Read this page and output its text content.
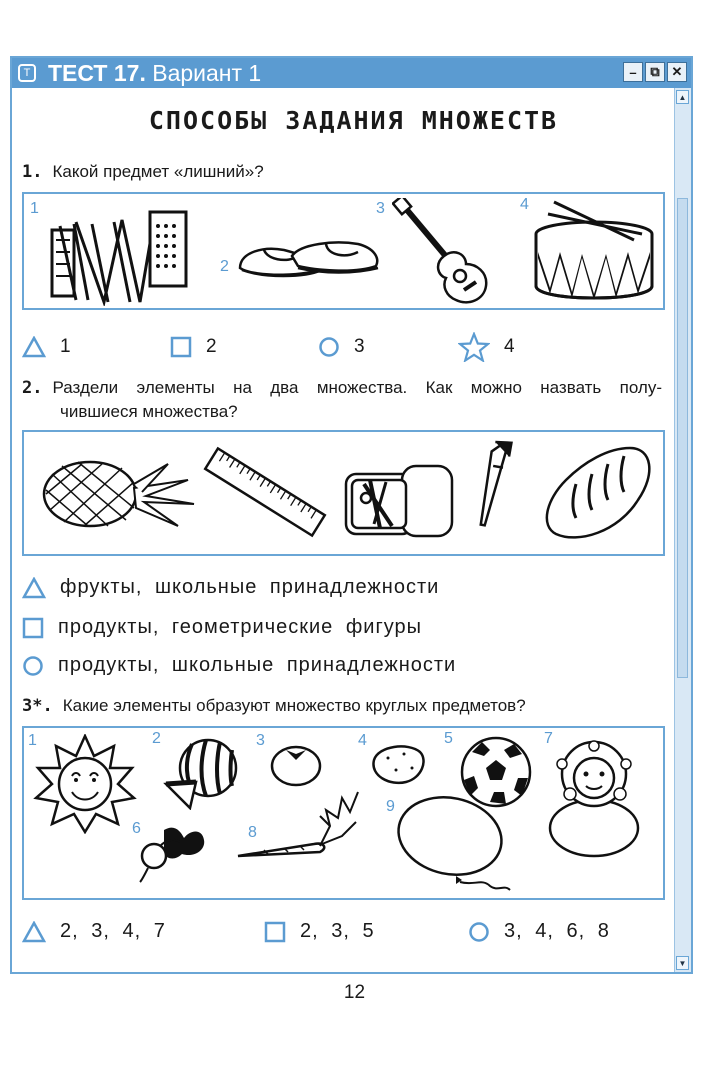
Т ТЕСТ 17. Вариант 1	–	⧉ ✕
▲
▼
СПОСОБЫ ЗАДАНИЯ МНОЖЕСТВ
1. Какой предмет «лишний»?
1
2
3	4
1	2	3	4
2. Раздели элементы на два множества. Как можно назвать полу-
чившиеся множества?
фрукты, школьные принадлежности
продукты, геометрические фигуры
продукты, школьные принадлежности
3*. Какие элементы образуют множество круглых предметов?
1	2	3	4	5	7
6	8
9
2, 3, 4, 7	2, 3, 5	3, 4, 6, 8
12
